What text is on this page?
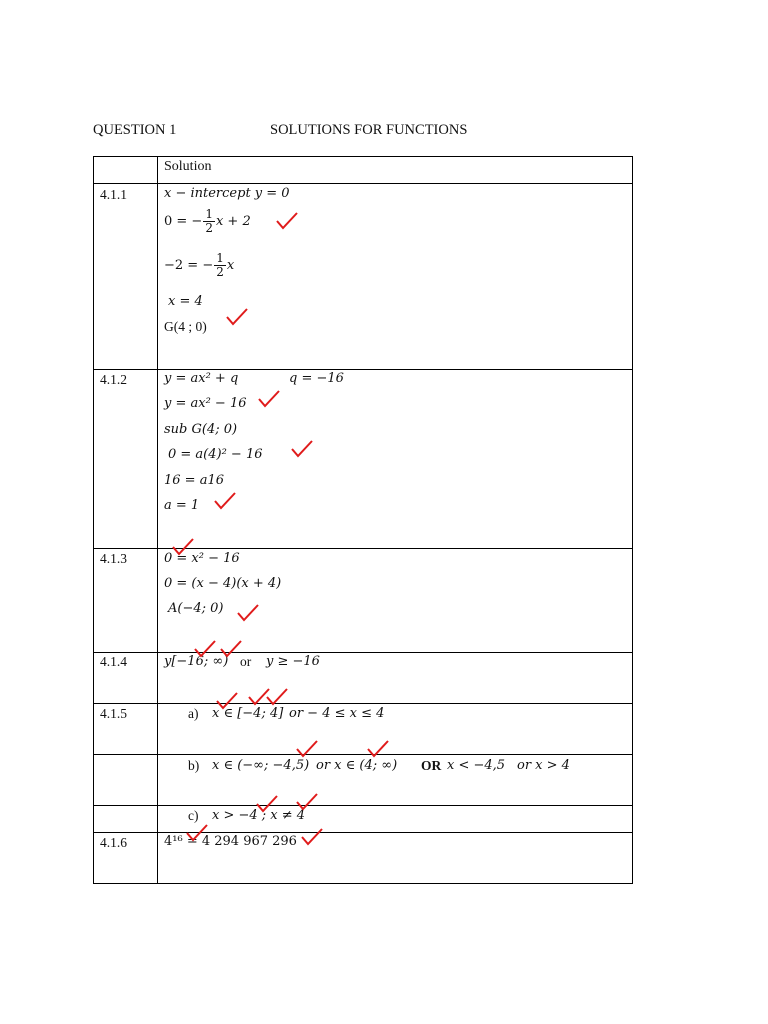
QUESTION 1	SOLUTIONS FOR FUNCTIONS
Solution
4.1.1	x − intercept y = 0
0 = − $\frac{1}{2}$ x + 2
−2 = − $\frac{1}{2}$ x
x = 4
G(4 ; 0)
4.1.2	y = ax² + q	q = −16
y = ax² − 16
sub G(4; 0)
0 = a(4)² − 16
16 = a16
a = 1
4.1.3	0 = x² − 16
0 = (x − 4)(x + 4)
A(−4; 0)
4.1.4	y[−16; ∞) or y ≥ −16
4.1.5	a) x ∈ [−4; 4] or − 4 ≤ x ≤ 4
b) x ∈ (−∞; −4,5) or x ∈ (4; ∞) OR x < −4,5 or x > 4
c) x > −4 ; x ≠ 4
4.1.6	4¹⁶ = 4 294 967 296
